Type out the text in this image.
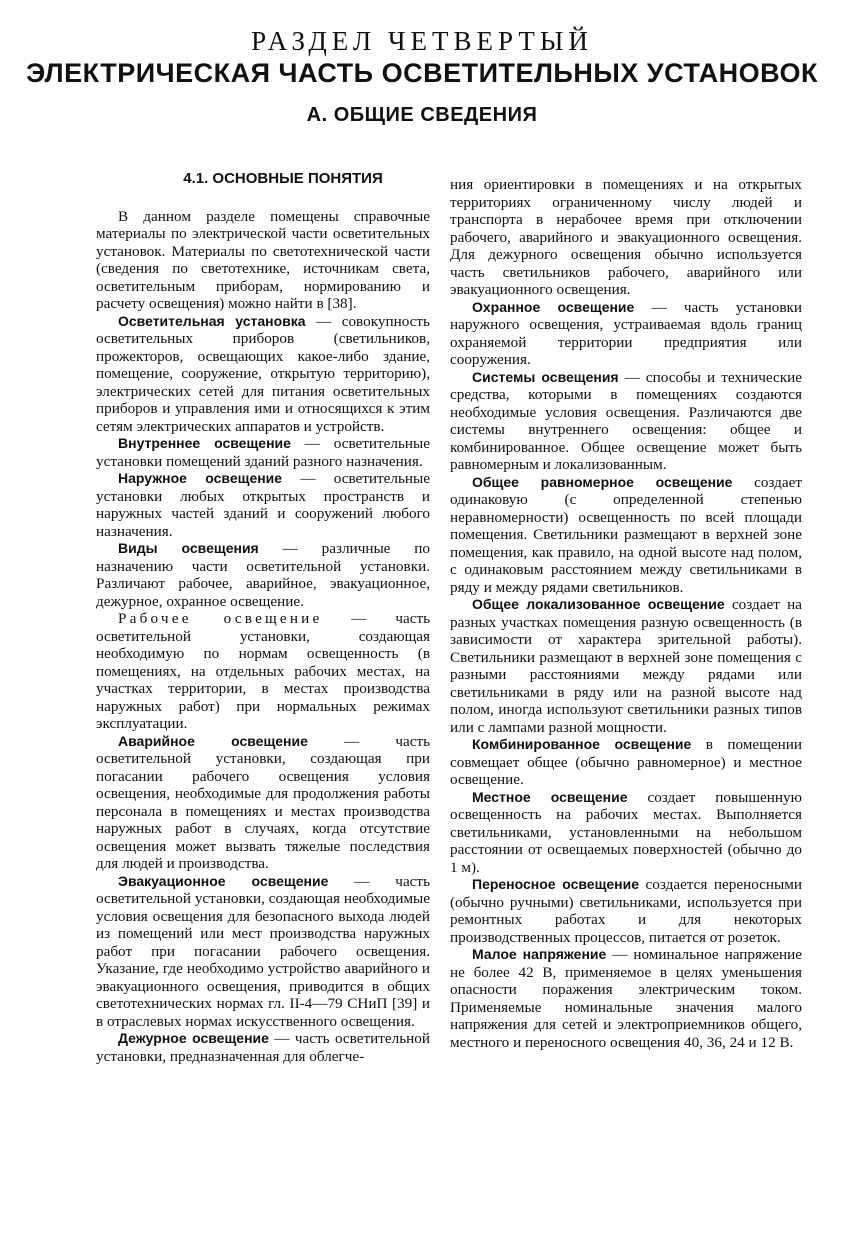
РАЗДЕЛ ЧЕТВЕРТЫЙ
ЭЛЕКТРИЧЕСКАЯ ЧАСТЬ ОСВЕТИТЕЛЬНЫХ УСТАНОВОК
А. ОБЩИЕ СВЕДЕНИЯ
4.1. ОСНОВНЫЕ ПОНЯТИЯ

В данном разделе помещены справочные материалы по электрической части осветительных установок. Материалы по светотехнической части (сведения по светотехнике, источникам света, осветительным приборам, нормированию и расчету освещения) можно найти в [38].

Осветительная установка — совокупность осветительных приборов (светильников, прожекторов, освещающих какое-либо здание, помещение, сооружение, открытую территорию), электрических сетей для питания осветительных приборов и управления ими и относящихся к этим сетям электрических аппаратов и устройств.

Внутреннее освещение — осветительные установки помещений зданий разного назначения.

Наружное освещение — осветительные установки любых открытых пространств и наружных частей зданий и сооружений любого назначения.

Виды освещения — различные по назначению части осветительной установки. Различают рабочее, аварийное, эвакуационное, дежурное, охранное освещение.

Рабочее освещение — часть осветительной установки, создающая необходимую по нормам освещенность (в помещениях, на отдельных рабочих местах, на участках территории, в местах производства наружных работ) при нормальных режимах эксплуатации.

Аварийное освещение — часть осветительной установки, создающая при погасании рабочего освещения условия освещения, необходимые для продолжения работы персонала в помещениях и местах производства наружных работ в случаях, когда отсутствие освещения может вызвать тяжелые последствия для людей и производства.

Эвакуационное освещение — часть осветительной установки, создающая необходимые условия освещения для безопасного выхода людей из помещений или мест производства наружных работ при погасании рабочего освещения. Указание, где необходимо устройство аварийного и эвакуационного освещения, приводится в общих светотехнических нормах гл. II-4—79 СНиП [39] и в отраслевых нормах искусственного освещения.

Дежурное освещение — часть осветительной установки, предназначенная для облегче-

ния ориентировки в помещениях и на открытых территориях ограниченному числу людей и транспорта в нерабочее время при отключении рабочего, аварийного и эвакуационного освещения. Для дежурного освещения обычно используется часть светильников рабочего, аварийного или эвакуационного освещения.

Охранное освещение — часть установки наружного освещения, устраиваемая вдоль границ охраняемой территории предприятия или сооружения.

Системы освещения — способы и технические средства, которыми в помещениях создаются необходимые условия освещения. Различаются две системы внутреннего освещения: общее и комбинированное. Общее освещение может быть равномерным и локализованным.

Общее равномерное освещение создает одинаковую (с определенной степенью неравномерности) освещенность по всей площади помещения. Светильники размещают в верхней зоне помещения, как правило, на одной высоте над полом, с одинаковым расстоянием между светильниками в ряду и между рядами светильников.

Общее локализованное освещение создает на разных участках помещения разную освещенность (в зависимости от характера зрительной работы). Светильники размещают в верхней зоне помещения с разными расстояниями между рядами или светильниками в ряду или на разной высоте над полом, иногда используют светильники разных типов или с лампами разной мощности.

Комбинированное освещение в помещении совмещает общее (обычно равномерное) и местное освещение.

Местное освещение создает повышенную освещенность на рабочих местах. Выполняется светильниками, установленными на небольшом расстоянии от освещаемых поверхностей (обычно до 1 м).

Переносное освещение создается переносными (обычно ручными) светильниками, используется при ремонтных работах и для некоторых производственных процессов, питается от розеток.

Малое напряжение — номинальное напряжение не более 42 В, применяемое в целях уменьшения опасности поражения электрическим током. Применяемые номинальные значения малого напряжения для сетей и электроприемников общего, местного и переносного освещения 40, 36, 24 и 12 В.
